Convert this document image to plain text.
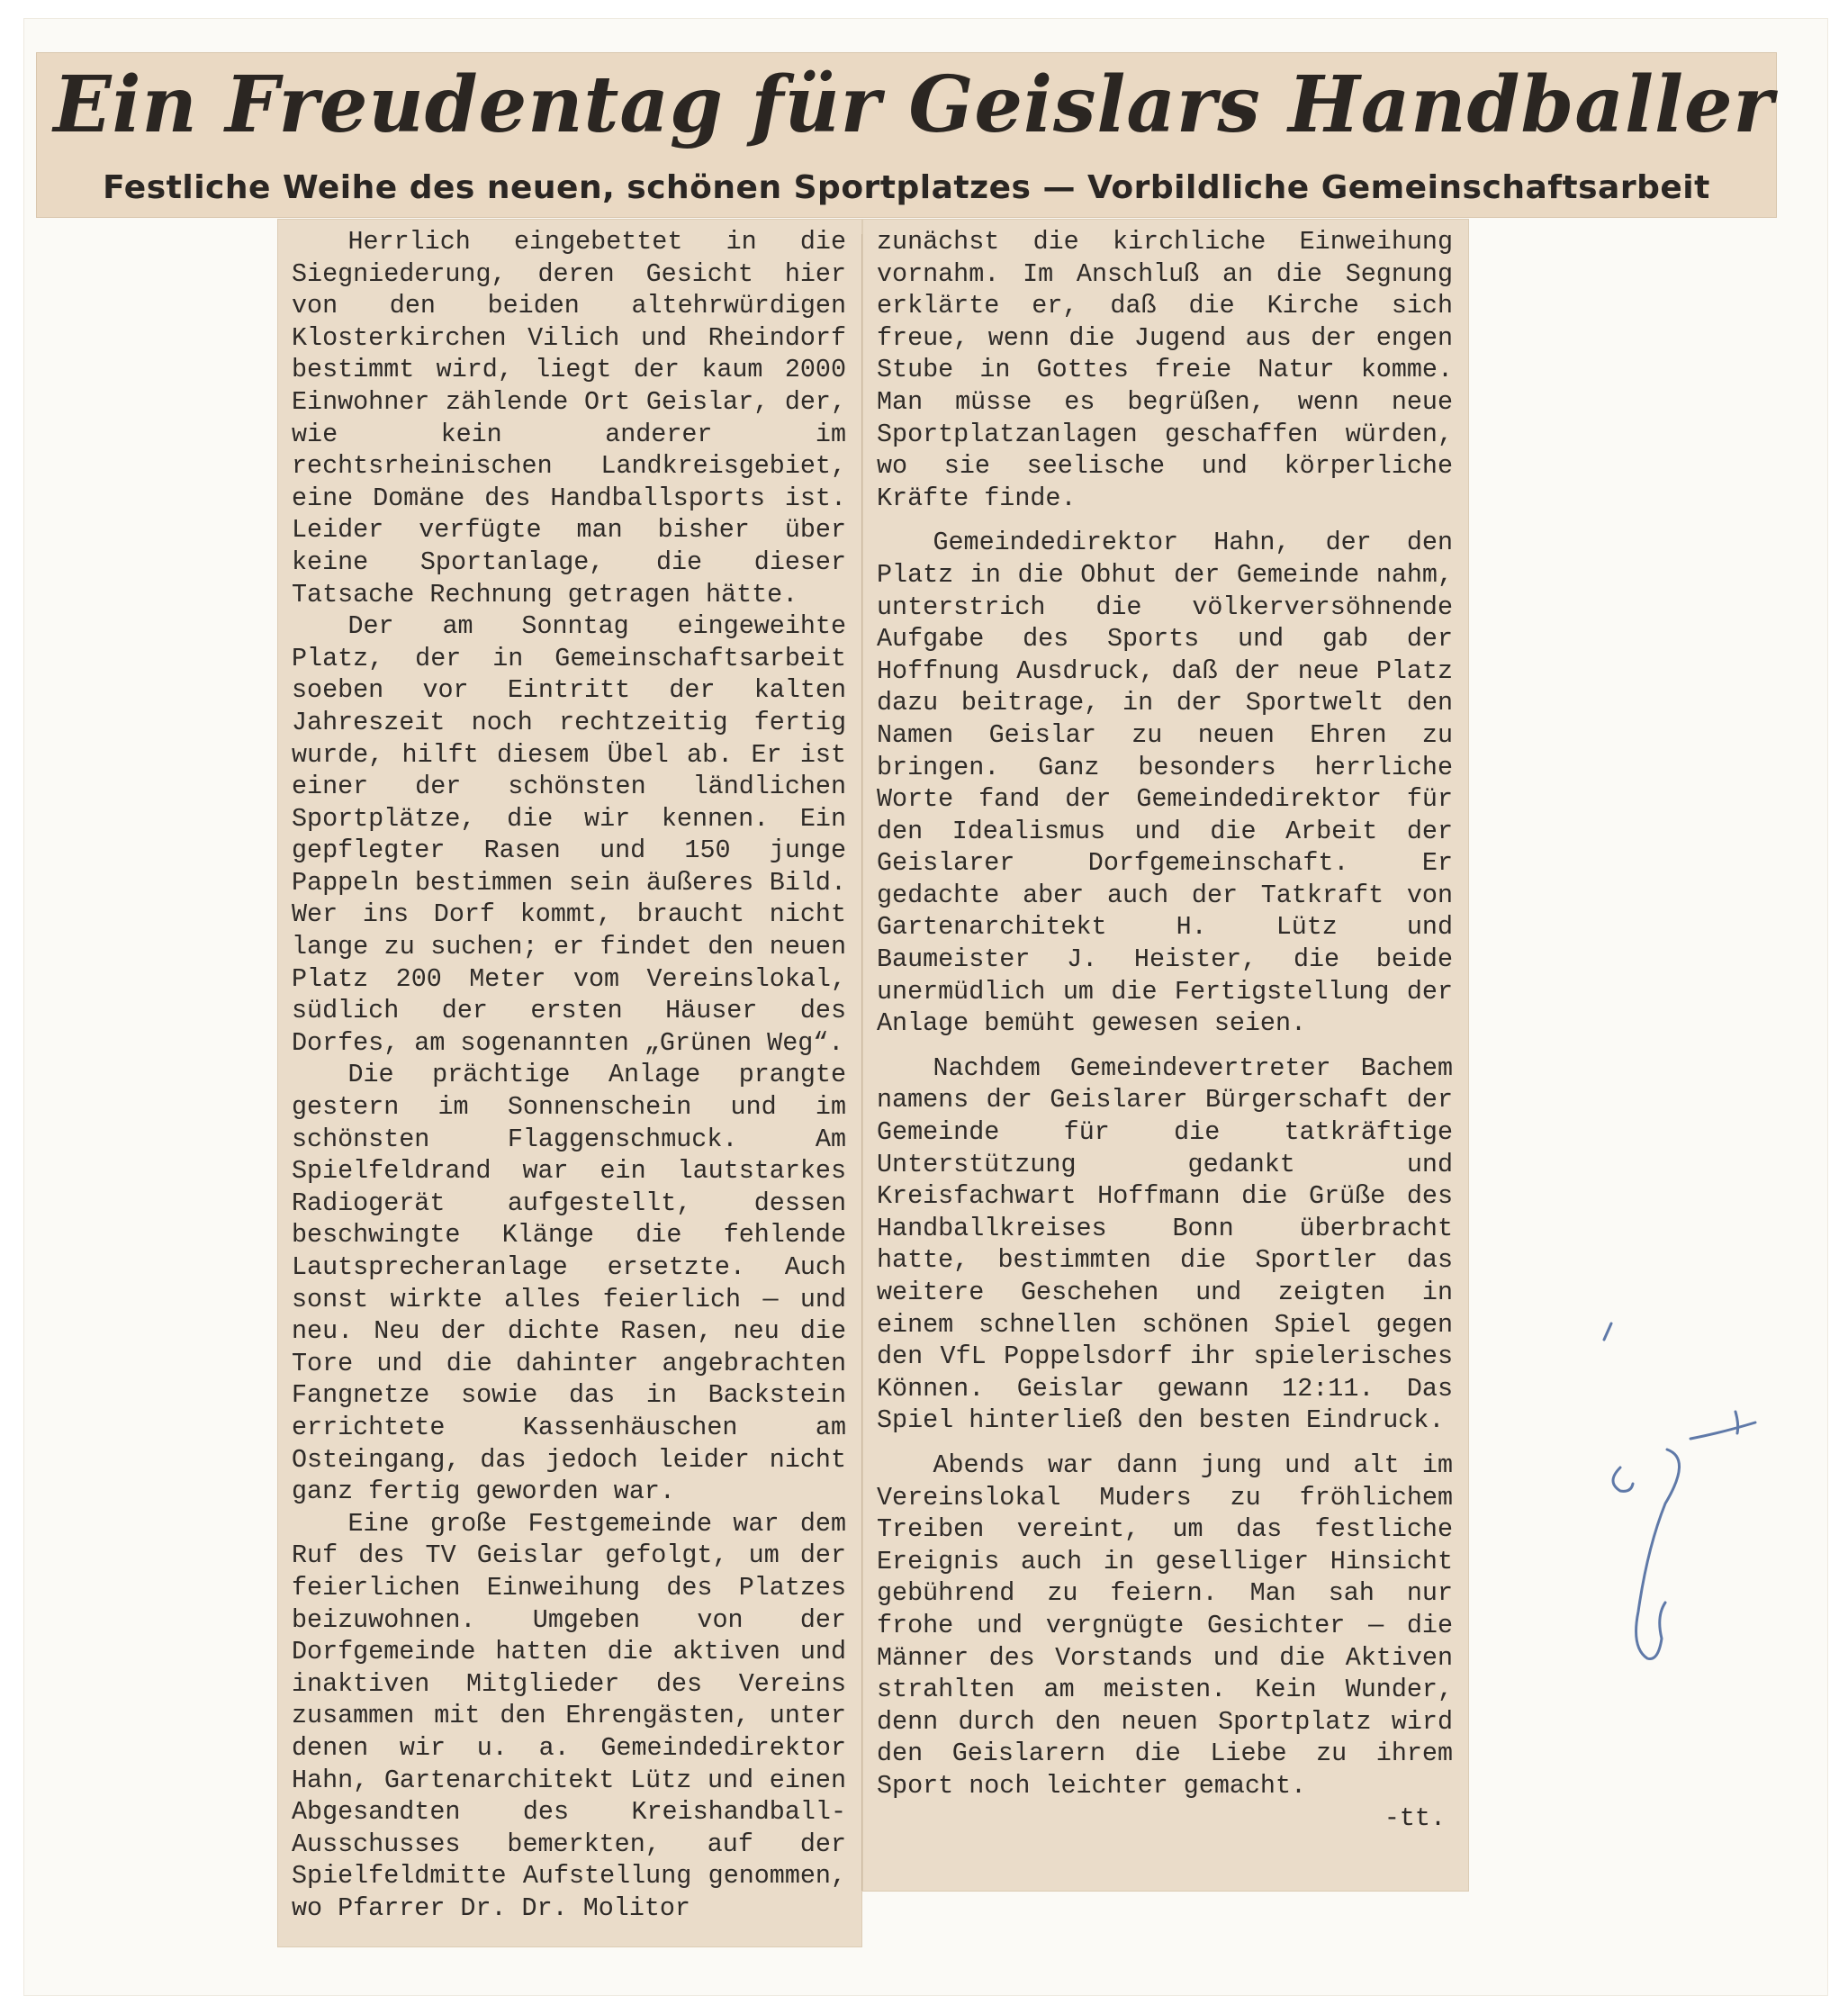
Ein Freudentag für Geislars Handballer
Festliche Weihe des neuen, schönen Sportplatzes — Vorbildliche Gemeinschaftsarbeit

Herrlich eingebettet in die Siegniederung, deren Gesicht hier von den beiden altehrwürdigen Klosterkirchen Vilich und Rheindorf bestimmt wird, liegt der kaum 2000 Einwohner zählende Ort Geislar, der, wie kein anderer im rechtsrheinischen Landkreisgebiet, eine Domäne des Handballsports ist. Leider verfügte man bisher über keine Sportanlage, die dieser Tatsache Rechnung getragen hätte.

Der am Sonntag eingeweihte Platz, der in Gemeinschaftsarbeit soeben vor Eintritt der kalten Jahreszeit noch rechtzeitig fertig wurde, hilft diesem Übel ab. Er ist einer der schönsten ländlichen Sportplätze, die wir kennen. Ein gepflegter Rasen und 150 junge Pappeln bestimmen sein äußeres Bild. Wer ins Dorf kommt, braucht nicht lange zu suchen; er findet den neuen Platz 200 Meter vom Vereinslokal, südlich der ersten Häuser des Dorfes, am sogenannten „Grünen Weg“.

Die prächtige Anlage prangte gestern im Sonnenschein und im schönsten Flaggenschmuck. Am Spielfeldrand war ein lautstarkes Radiogerät aufgestellt, dessen beschwingte Klänge die fehlende Lautsprecheranlage ersetzte. Auch sonst wirkte alles feierlich — und neu. Neu der dichte Rasen, neu die Tore und die dahinter angebrachten Fangnetze sowie das in Backstein errichtete Kassenhäuschen am Osteingang, das jedoch leider nicht ganz fertig geworden war.

Eine große Festgemeinde war dem Ruf des TV Geislar gefolgt, um der feierlichen Einweihung des Platzes beizuwohnen. Umgeben von der Dorfgemeinde hatten die aktiven und inaktiven Mitglieder des Vereins zusammen mit den Ehrengästen, unter denen wir u. a. Gemeindedirektor Hahn, Gartenarchitekt Lütz und einen Abgesandten des Kreishandball-Ausschusses bemerkten, auf der Spielfeldmitte Aufstellung genommen, wo Pfarrer Dr. Dr. Molitor

zunächst die kirchliche Einweihung vornahm. Im Anschluß an die Segnung erklärte er, daß die Kirche sich freue, wenn die Jugend aus der engen Stube in Gottes freie Natur komme. Man müsse es begrüßen, wenn neue Sportplatzanlagen geschaffen würden, wo sie seelische und körperliche Kräfte finde.

Gemeindedirektor Hahn, der den Platz in die Obhut der Gemeinde nahm, unterstrich die völkerversöhnende Aufgabe des Sports und gab der Hoffnung Ausdruck, daß der neue Platz dazu beitrage, in der Sportwelt den Namen Geislar zu neuen Ehren zu bringen. Ganz besonders herrliche Worte fand der Gemeindedirektor für den Idealismus und die Arbeit der Geislarer Dorfgemeinschaft. Er gedachte aber auch der Tatkraft von Gartenarchitekt H. Lütz und Baumeister J. Heister, die beide unermüdlich um die Fertigstellung der Anlage bemüht gewesen seien.

Nachdem Gemeindevertreter Bachem namens der Geislarer Bürgerschaft der Gemeinde für die tatkräftige Unterstützung gedankt und Kreisfachwart Hoffmann die Grüße des Handballkreises Bonn überbracht hatte, bestimmten die Sportler das weitere Geschehen und zeigten in einem schnellen schönen Spiel gegen den VfL Poppelsdorf ihr spielerisches Können. Geislar gewann 12:11. Das Spiel hinterließ den besten Eindruck.

Abends war dann jung und alt im Vereinslokal Muders zu fröhlichem Treiben vereint, um das festliche Ereignis auch in geselliger Hinsicht gebührend zu feiern. Man sah nur frohe und vergnügte Gesichter — die Männer des Vorstands und die Aktiven strahlten am meisten. Kein Wunder, denn durch den neuen Sportplatz wird den Geislarern die Liebe zu ihrem Sport noch leichter gemacht.

-tt.
